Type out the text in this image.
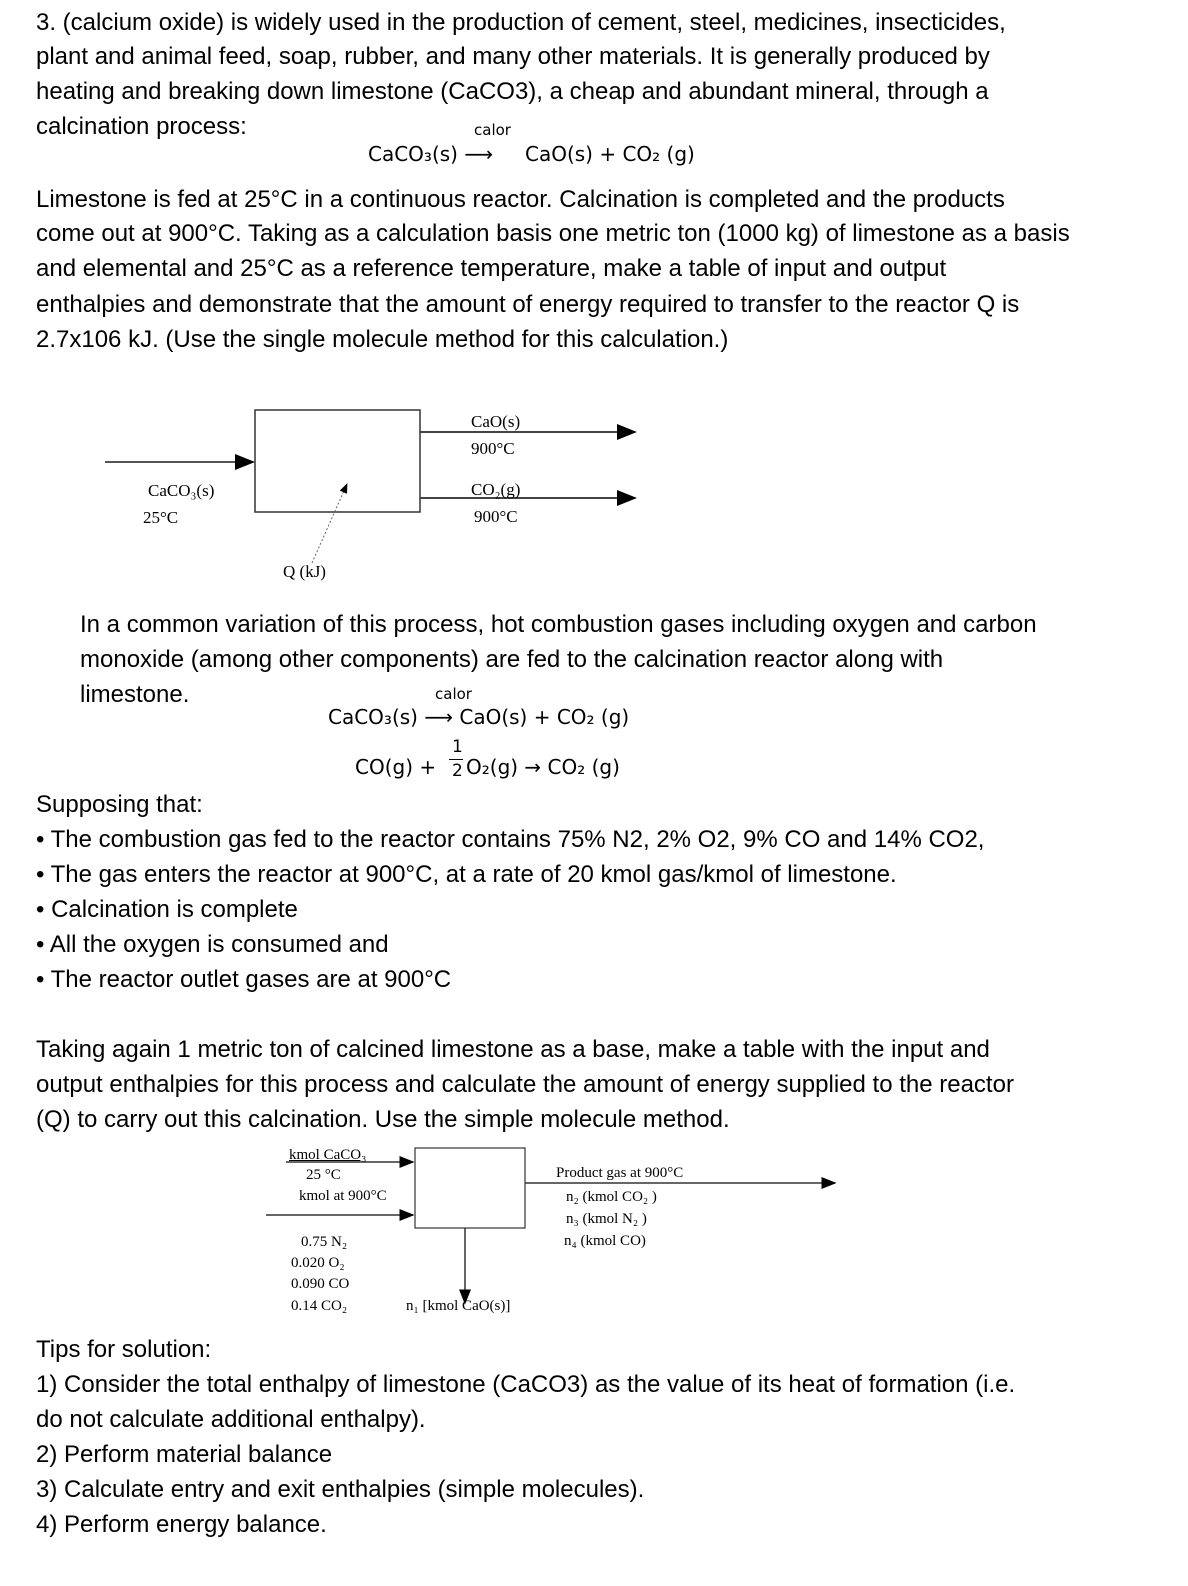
3. (calcium oxide) is widely used in the production of cement, steel, medicines, insecticides,
plant and animal feed, soap, rubber, and many other materials. It is generally produced by
heating and breaking down limestone (CaCO3), a cheap and abundant mineral, through a
calcination process:	calor
CaCO₃(s) ⟶ CaO(s) + CO₂ (g)
Limestone is fed at 25°C in a continuous reactor. Calcination is completed and the products
come out at 900°C. Taking as a calculation basis one metric ton (1000 kg) of limestone as a basis
and elemental and 25°C as a reference temperature, make a table of input and output
enthalpies and demonstrate that the amount of energy required to transfer to the reactor Q is
2.7x106 kJ. (Use the single molecule method for this calculation.)
CaCO₃(s)
25°C
CaO(s)
900°C
CO₂(g)
900°C
Q (kJ)
In a common variation of this process, hot combustion gases including oxygen and carbon
monoxide (among other components) are fed to the calcination reactor along with
limestone.	calor
CaCO₃(s) ⟶ CaO(s) + CO₂ (g)
CO(g) +
1
2 O₂(g) → CO₂ (g)
Supposing that:
• The combustion gas fed to the reactor contains 75% N2, 2% O2, 9% CO and 14% CO2,
• The gas enters the reactor at 900°C, at a rate of 20 kmol gas/kmol of limestone.
• Calcination is complete
• All the oxygen is consumed and
• The reactor outlet gases are at 900°C
Taking again 1 metric ton of calcined limestone as a base, make a table with the input and
output enthalpies for this process and calculate the amount of energy supplied to the reactor
(Q) to carry out this calcination. Use the simple molecule method.
kmol CaCO₃
25 °C
kmol at 900°C
0.75 N₂
0.020 O₂
0.090 CO
0.14 CO₂
Product gas at 900°C
n₂ (kmol CO₂ )
n₃ (kmol N₂ )
n₄ (kmol CO)
n₁ [kmol CaO(s)]
Tips for solution:
1) Consider the total enthalpy of limestone (CaCO3) as the value of its heat of formation (i.e.
do not calculate additional enthalpy).
2) Perform material balance
3) Calculate entry and exit enthalpies (simple molecules).
4) Perform energy balance.
